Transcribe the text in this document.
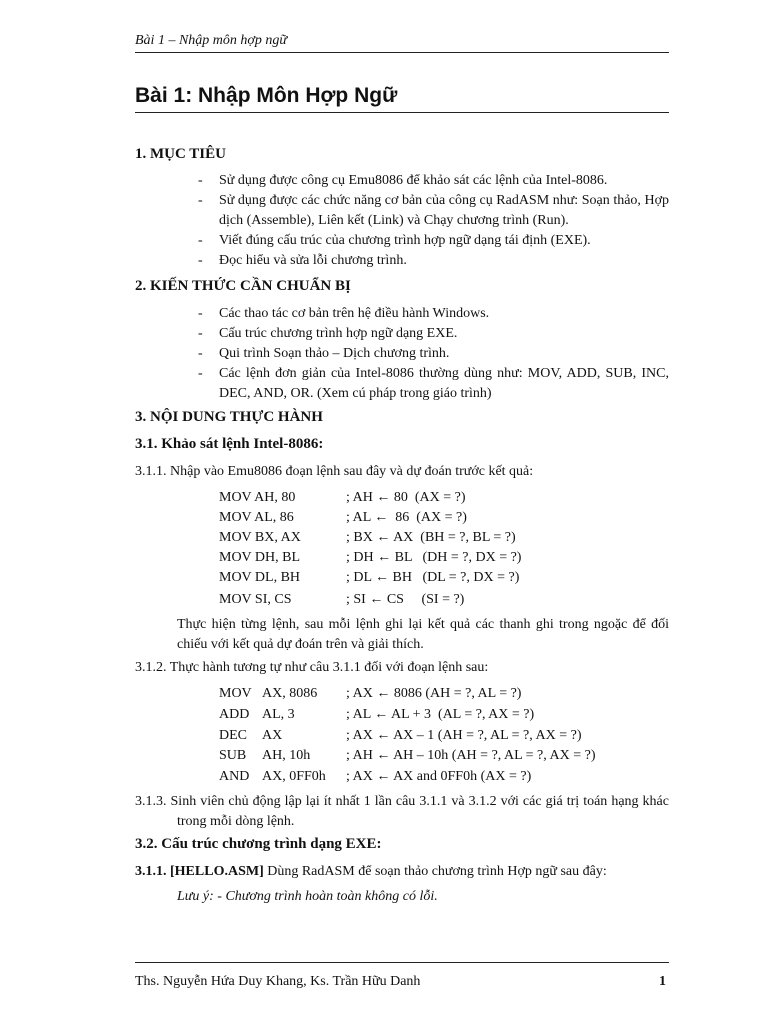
Bài 1 – Nhập môn hợp ngữ
Bài 1: Nhập Môn Hợp Ngữ
1. MỤC TIÊU
- Sử dụng được công cụ Emu8086 để khảo sát các lệnh của Intel-8086.
- Sử dụng được các chức năng cơ bản của công cụ RadASM như: Soạn thảo, Hợp dịch (Assemble), Liên kết (Link) và Chạy chương trình (Run).
- Viết đúng cấu trúc của chương trình hợp ngữ dạng tái định (EXE).
- Đọc hiểu và sửa lỗi chương trình.
2. KIẾN THỨC CẦN CHUẨN BỊ
- Các thao tác cơ bản trên hệ điều hành Windows.
- Cấu trúc chương trình hợp ngữ dạng EXE.
- Qui trình Soạn thảo – Dịch chương trình.
- Các lệnh đơn giản của Intel-8086 thường dùng như: MOV, ADD, SUB, INC, DEC, AND, OR. (Xem cú pháp trong giáo trình)
3. NỘI DUNG THỰC HÀNH
3.1. Khảo sát lệnh Intel-8086:
3.1.1. Nhập vào Emu8086 đoạn lệnh sau đây và dự đoán trước kết quả:
MOV AH, 80	; AH ← 80  (AX = ?)
MOV AL, 86	; AL ←  86  (AX = ?)
MOV BX, AX	; BX ← AX  (BH = ?, BL = ?)
MOV DH, BL	; DH ← BL   (DH = ?, DX = ?)
MOV DL, BH	; DL ← BH   (DL = ?, DX = ?)
MOV SI, CS	; SI ← CS     (SI = ?)
Thực hiện từng lệnh, sau mỗi lệnh ghi lại kết quả các thanh ghi trong ngoặc để đối chiếu với kết quả dự đoán trên và giải thích.
3.1.2. Thực hành tương tự như câu 3.1.1 đối với đoạn lệnh sau:
MOV AX, 8086 ; AX ← 8086 (AH = ?, AL = ?)
ADD AL, 3	; AL ← AL + 3  (AL = ?, AX = ?)
DEC AX	; AX ← AX – 1 (AH = ?, AL = ?, AX = ?)
SUB AH, 10h	; AH ← AH – 10h (AH = ?, AL = ?, AX = ?)
AND AX, 0FF0h ; AX ← AX and 0FF0h (AX = ?)
3.1.3. Sinh viên chủ động lập lại ít nhất 1 lần câu 3.1.1 và 3.1.2 với các giá trị toán hạng khác trong mỗi dòng lệnh.
3.2. Cấu trúc chương trình dạng EXE:
3.1.1. [HELLO.ASM] Dùng RadASM để soạn thảo chương trình Hợp ngữ sau đây:
Lưu ý: - Chương trình hoàn toàn không có lỗi.
Ths. Nguyễn Hứa Duy Khang, Ks. Trần Hữu Danh	1
